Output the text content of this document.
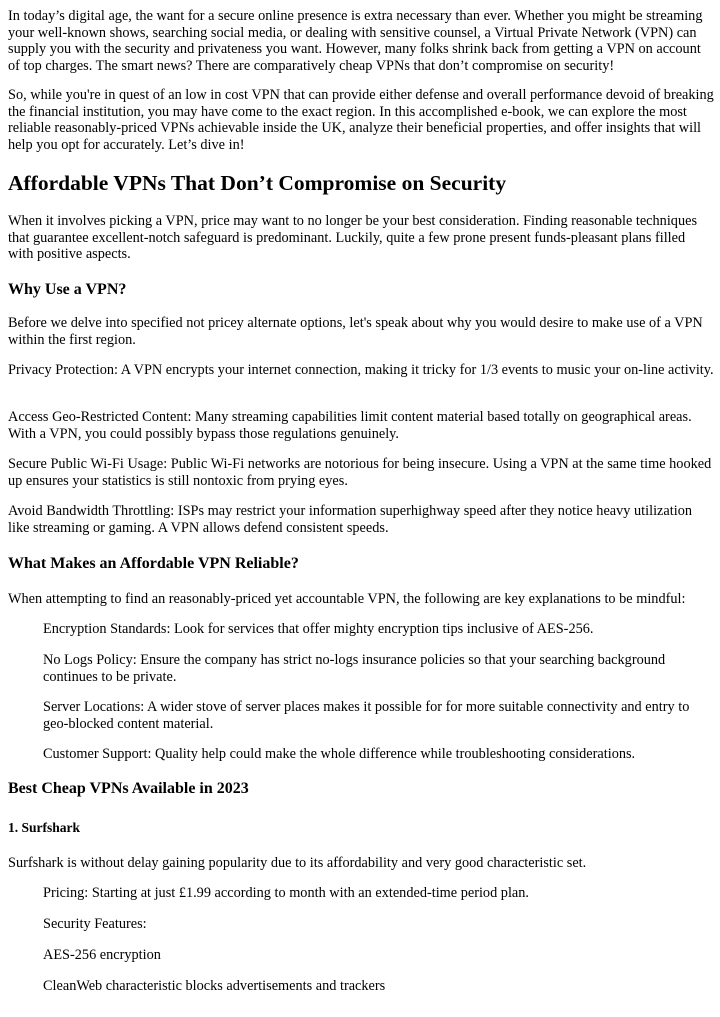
In today’s digital age, the want for a secure online presence is extra necessary than ever. Whether you might be streaming your well-known shows, searching social media, or dealing with sensitive counsel, a Virtual Private Network (VPN) can supply you with the security and privateness you want. However, many folks shrink back from getting a VPN on account of top charges. The smart news? There are comparatively cheap VPNs that don’t compromise on security!

So, while you're in quest of an low in cost VPN that can provide either defense and overall performance devoid of breaking the financial institution, you may have come to the exact region. In this accomplished e-book, we can explore the most reliable reasonably-priced VPNs achievable inside the UK, analyze their beneficial properties, and offer insights that will help you opt for accurately. Let’s dive in!

Affordable VPNs That Don’t Compromise on Security

When it involves picking a VPN, price may want to no longer be your best consideration. Finding reasonable techniques that guarantee excellent-notch safeguard is predominant. Luckily, quite a few prone present funds-pleasant plans filled with positive aspects.

Why Use a VPN?

Before we delve into specified not pricey alternate options, let's speak about why you would desire to make use of a VPN within the first region.

Privacy Protection: A VPN encrypts your internet connection, making it tricky for 1/3 events to music your on-line activity.

Access Geo-Restricted Content: Many streaming capabilities limit content material based totally on geographical areas. With a VPN, you could possibly bypass those regulations genuinely.

Secure Public Wi-Fi Usage: Public Wi-Fi networks are notorious for being insecure. Using a VPN at the same time hooked up ensures your statistics is still nontoxic from prying eyes.

Avoid Bandwidth Throttling: ISPs may restrict your information superhighway speed after they notice heavy utilization like streaming or gaming. A VPN allows defend consistent speeds.

What Makes an Affordable VPN Reliable?

When attempting to find an reasonably-priced yet accountable VPN, the following are key explanations to be mindful:

Encryption Standards: Look for services that offer mighty encryption tips inclusive of AES-256.

No Logs Policy: Ensure the company has strict no-logs insurance policies so that your searching background continues to be private.

Server Locations: A wider stove of server places makes it possible for for more suitable connectivity and entry to geo-blocked content material.

Customer Support: Quality help could make the whole difference while troubleshooting considerations.

Best Cheap VPNs Available in 2023
1. Surfshark

Surfshark is without delay gaining popularity due to its affordability and very good characteristic set.

Pricing: Starting at just £1.99 according to month with an extended-time period plan.

Security Features:

AES-256 encryption

CleanWeb characteristic blocks advertisements and trackers
